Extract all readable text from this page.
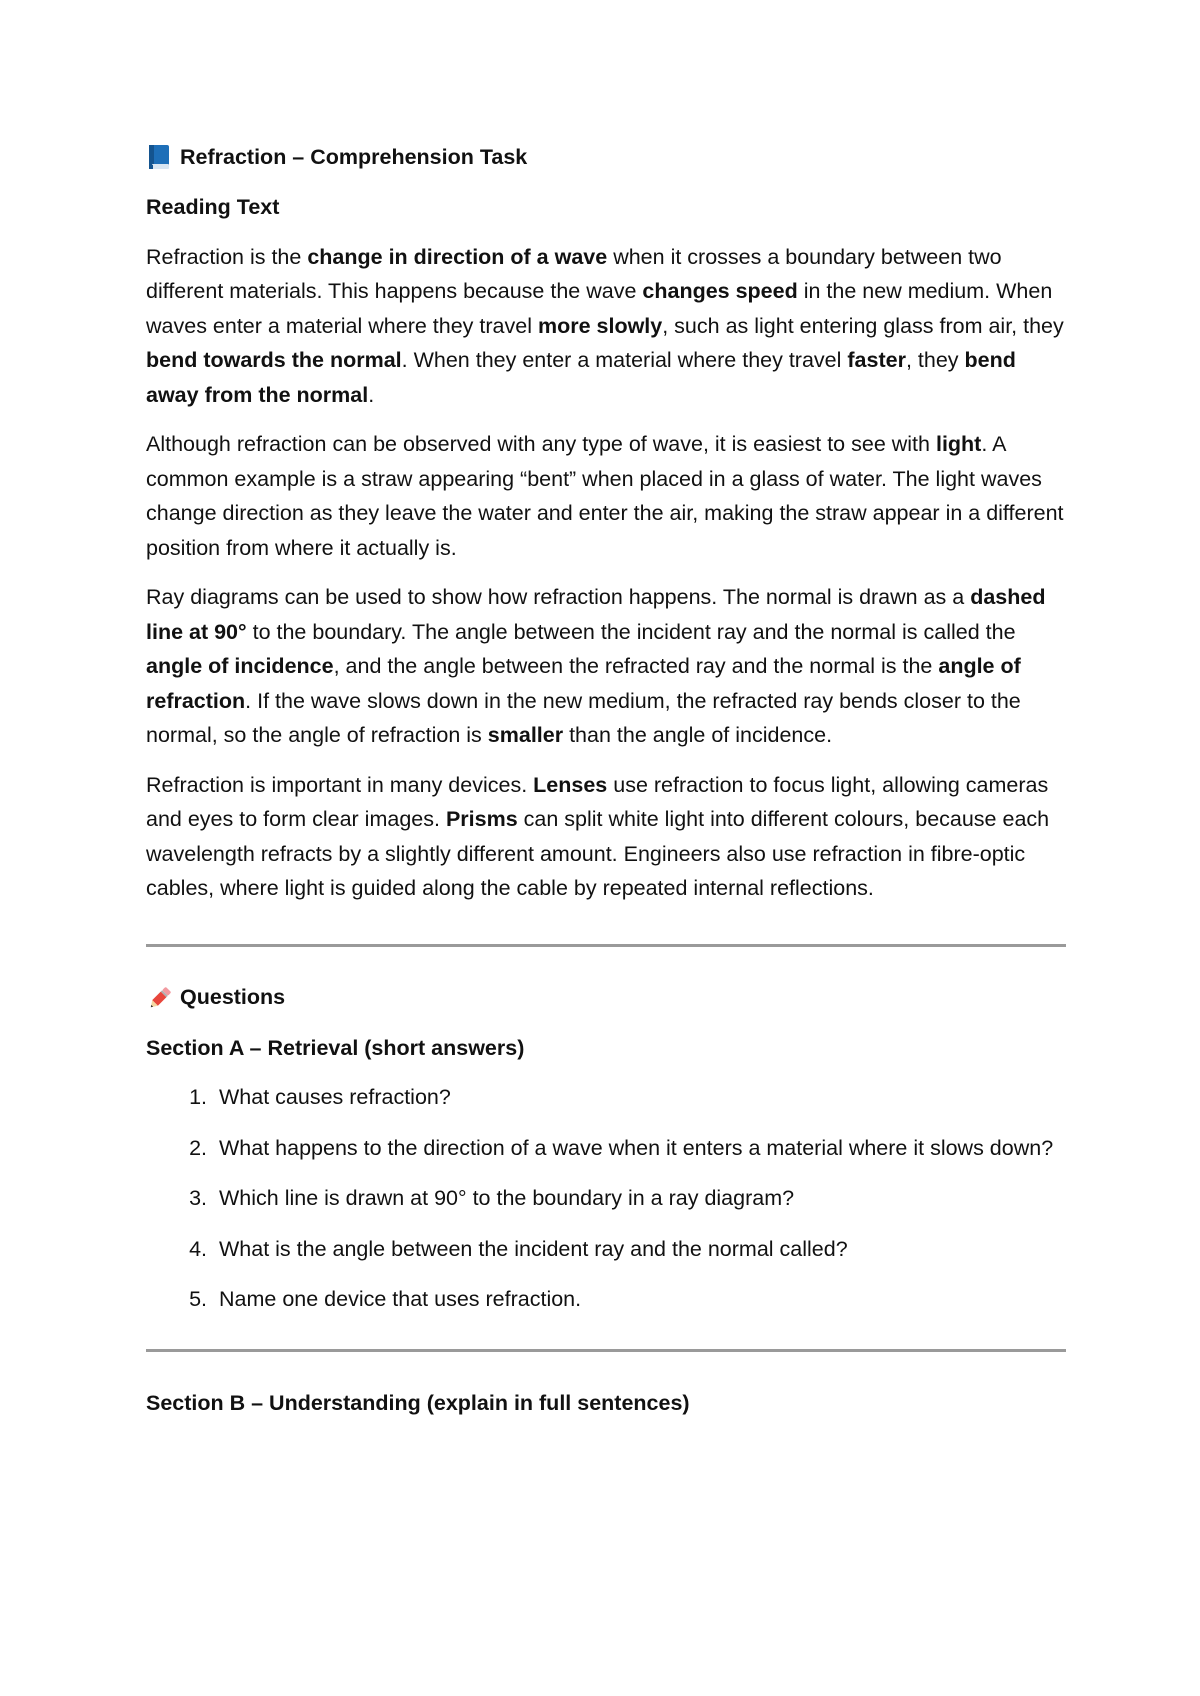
Refraction – Comprehension Task
Reading Text

Refraction is the change in direction of a wave when it crosses a boundary between two different materials. This happens because the wave changes speed in the new medium. When waves enter a material where they travel more slowly, such as light entering glass from air, they bend towards the normal. When they enter a material where they travel faster, they bend away from the normal.

Although refraction can be observed with any type of wave, it is easiest to see with light. A common example is a straw appearing “bent” when placed in a glass of water. The light waves change direction as they leave the water and enter the air, making the straw appear in a different position from where it actually is.

Ray diagrams can be used to show how refraction happens. The normal is drawn as a dashed line at 90° to the boundary. The angle between the incident ray and the normal is called the angle of incidence, and the angle between the refracted ray and the normal is the angle of refraction. If the wave slows down in the new medium, the refracted ray bends closer to the normal, so the angle of refraction is smaller than the angle of incidence.

Refraction is important in many devices. Lenses use refraction to focus light, allowing cameras and eyes to form clear images. Prisms can split white light into different colours, because each wavelength refracts by a slightly different amount. Engineers also use refraction in fibre-optic cables, where light is guided along the cable by repeated internal reflections.

Questions
Section A – Retrieval (short answers)
1. What causes refraction?
2. What happens to the direction of a wave when it enters a material where it slows down?
3. Which line is drawn at 90° to the boundary in a ray diagram?
4. What is the angle between the incident ray and the normal called?
5. Name one device that uses refraction.
Section B – Understanding (explain in full sentences)
